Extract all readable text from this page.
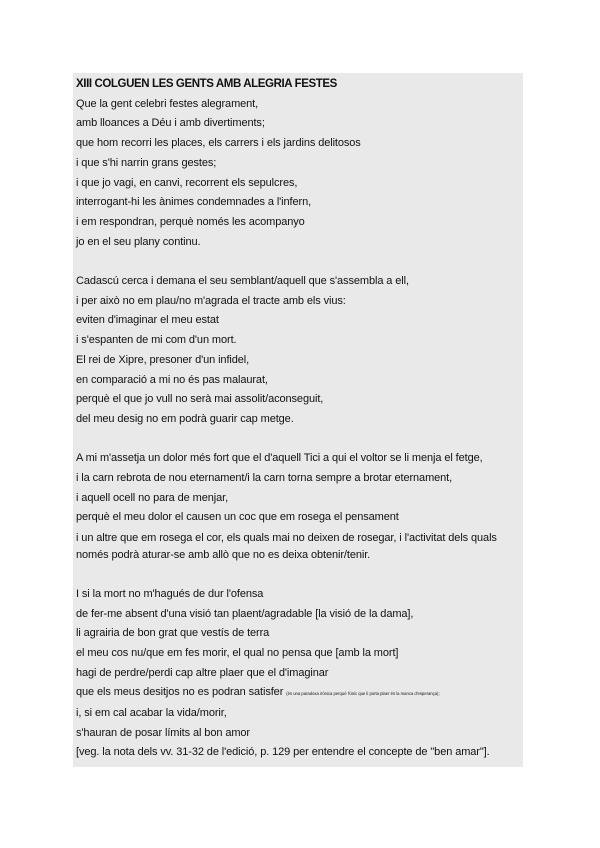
XIII COLGUEN LES GENTS AMB ALEGRIA FESTES
Que la gent celebri festes alegrament,
amb lloances a Déu i amb divertiments;
que hom recorri les places, els carrers i els jardins delitosos
i que s'hi narrin grans gestes;
i que jo vagi, en canvi, recorrent els sepulcres,
interrogant-hi les ànimes condemnades a l'infern,
i em respondran, perquè només les acompanyo
jo en el seu plany continu.
Cadascú cerca i demana el seu semblant/aquell que s'assembla a ell,
i per això no em plau/no m'agrada el tracte amb els vius:
eviten d'imaginar el meu estat
i s'espanten de mi com d'un mort.
El rei de Xipre, presoner d'un infidel,
en comparació a mi no és pas malaurat,
perquè el que jo vull no serà mai assolit/aconseguit,
del meu desig no em podrà guarir cap metge.
A mi m'assetja un dolor més fort que el d'aquell Tici a qui el voltor se li menja el fetge,
i la carn rebrota de nou eternament/i la carn torna sempre a brotar eternament,
i aquell ocell no para de menjar,
perquè el meu dolor el causen un coc que em rosega el pensament
i un altre que em rosega el cor, els quals mai no deixen de rosegar, i l'activitat dels quals només podrà aturar-se amb allò que no es deixa obtenir/tenir.
I si la mort no m'hagués de dur l'ofensa
de fer-me absent d'una visió tan plaent/agradable [la visió de la dama],
li agrairia de bon grat que vestís de terra
el meu cos nu/que em fes morir, el qual no pensa que [amb la mort]
hagi de perdre/perdi cap altre plaer que el d'imaginar
que els meus desitjos no es podran satisfer (és una paradoxa irònica perquè l'únic que li porta plaer és la manca d'esperança);
i, si em cal acabar la vida/morir,
s'hauran de posar límits al bon amor
[veg. la nota dels vv. 31-32 de l'edició, p. 129 per entendre el concepte de "ben amar"].
